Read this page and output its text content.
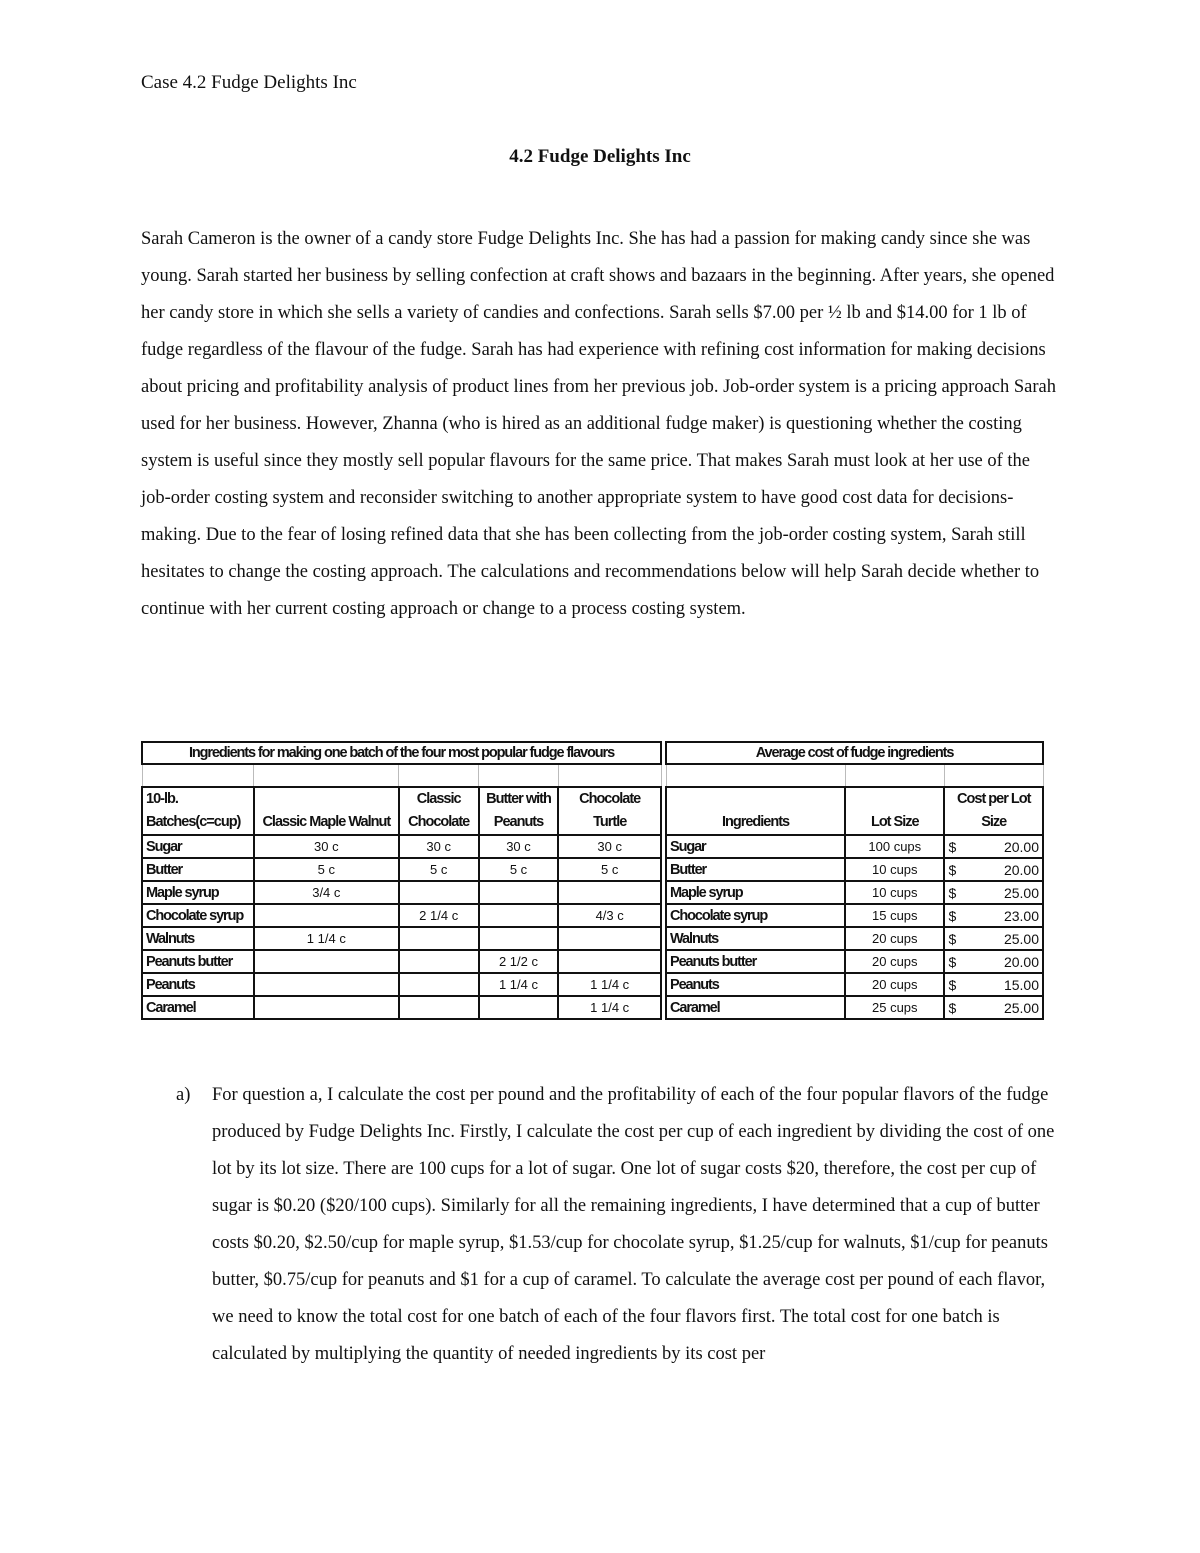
Case 4.2 Fudge Delights Inc
4.2 Fudge Delights Inc

Sarah Cameron is the owner of a candy store Fudge Delights Inc. She has had a passion for making candy since she was young. Sarah started her business by selling confection at craft shows and bazaars in the beginning. After years, she opened her candy store in which she sells a variety of candies and confections. Sarah sells $7.00 per ½ lb and $14.00 for 1 lb of fudge regardless of the flavour of the fudge. Sarah has had experience with refining cost information for making decisions about pricing and profitability analysis of product lines from her previous job. Job-order system is a pricing approach Sarah used for her business. However, Zhanna (who is hired as an additional fudge maker) is questioning whether the costing system is useful since they mostly sell popular flavours for the same price. That makes Sarah must look at her use of the job-order costing system and reconsider switching to another appropriate system to have good cost data for decisions-making. Due to the fear of losing refined data that she has been collecting from the job-order costing system, Sarah still hesitates to change the costing approach. The calculations and recommendations below will help Sarah decide whether to continue with her current costing approach or change to a process costing system.

Ingredients for making one batch of the four most popular fudge flavours				

10-lb. Batches(c=cup)	Classic Maple Walnut	Classic Chocolate	Butter with Peanuts	Chocolate Turtle
Sugar	30 c	30 c	30 c	30 c
Butter	5 c	5 c	5 c	5 c
Maple syrup	3/4 c			
Chocolate syrup		2 1/4 c		4/3 c
Walnuts	1 1/4 c			
Peanuts butter			2 1/2 c	
Peanuts			1 1/4 c	1 1/4 c
Caramel				1 1/4 c
Average cost of fudge ingredients		

Ingredients	Lot Size	Cost per Lot Size
Sugar	100 cups	$ 20.00

Butter	10 cups	$ 20.00

Maple syrup	10 cups	$ 25.00

Chocolate syrup	15 cups	$ 23.00

Walnuts	20 cups	$ 25.00

Peanuts butter	20 cups	$ 20.00

Peanuts	20 cups	$ 15.00

Caramel	25 cups	$ 25.00
a) For question a, I calculate the cost per pound and the profitability of each of the four popular flavors of the fudge produced by Fudge Delights Inc. Firstly, I calculate the cost per cup of each ingredient by dividing the cost of one lot by its lot size. There are 100 cups for a lot of sugar. One lot of sugar costs $20, therefore, the cost per cup of sugar is $0.20 ($20/100 cups). Similarly for all the remaining ingredients, I have determined that a cup of butter costs $0.20, $2.50/cup for maple syrup, $1.53/cup for chocolate syrup, $1.25/cup for walnuts, $1/cup for peanuts butter, $0.75/cup for peanuts and $1 for a cup of caramel. To calculate the average cost per pound of each flavor, we need to know the total cost for one batch of each of the four flavors first. The total cost for one batch is calculated by multiplying the quantity of needed ingredients by its cost per
